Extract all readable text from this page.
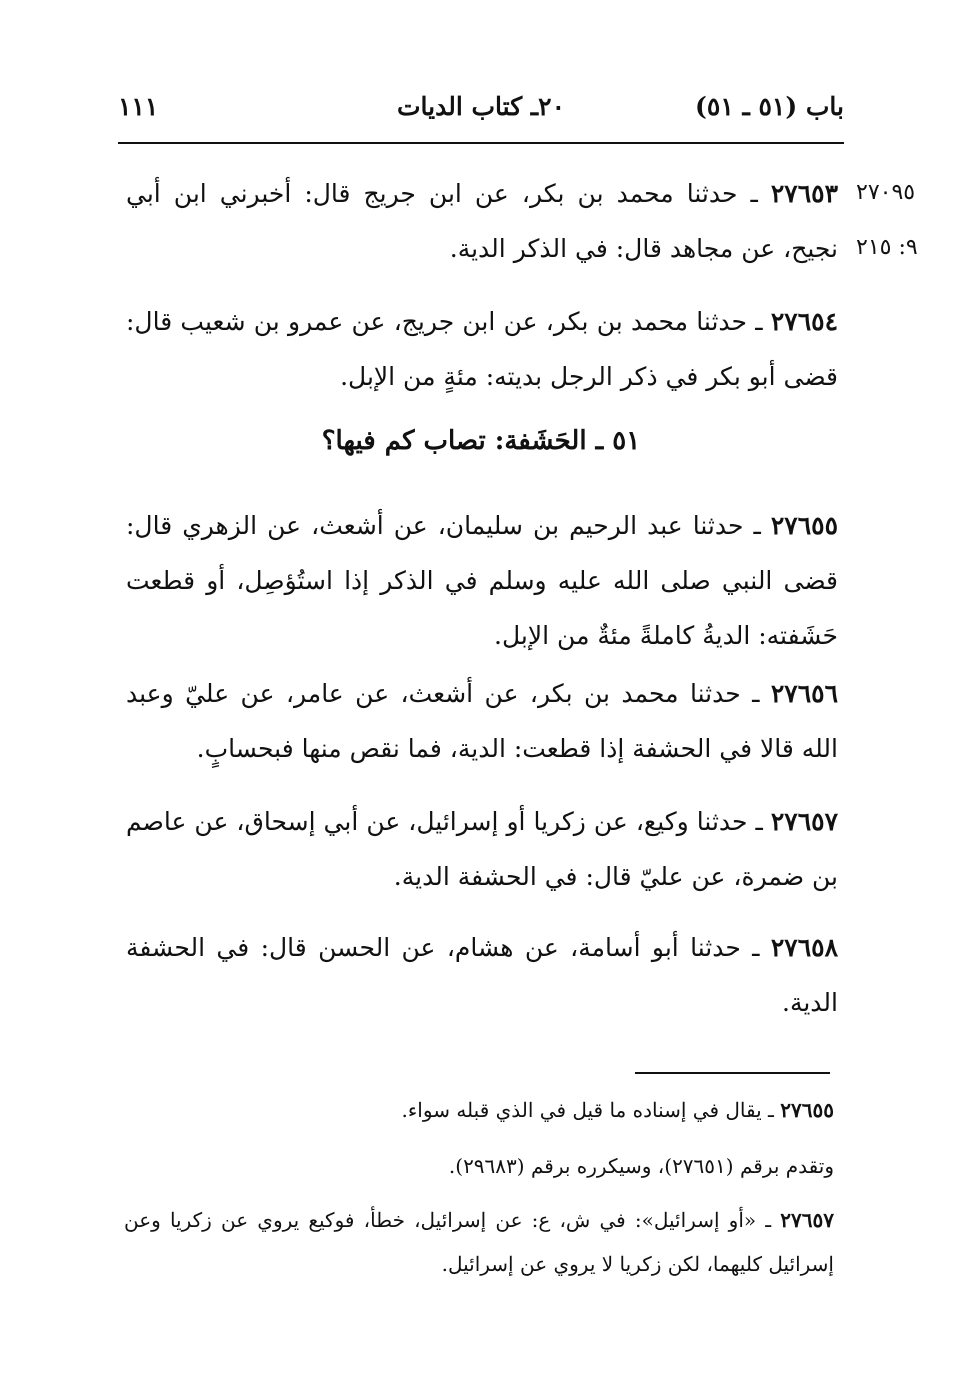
باب (٥١ ـ ٥١)
٢٠ـ كتاب الديات
١١١
٢٧٠٩٥
٩: ٢١٥
٢٧٦٥٣ ـ حدثنا محمد بن بكر، عن ابن جريج قال: أخبرني ابن أبي نجيح، عن مجاهد قال: في الذكر الدية.
٢٧٦٥٤ ـ حدثنا محمد بن بكر، عن ابن جريج، عن عمرو بن شعيب قال: قضى أبو بكر في ذكر الرجل بديته: مئةٍ من الإبل.
٥١ ـ الحَشَفة: تصاب كم فيها؟
٢٧٦٥٥ ـ حدثنا عبد الرحيم بن سليمان، عن أشعث، عن الزهري قال: قضى النبي صلى الله عليه وسلم في الذكر إذا استُؤصِل، أو قطعت حَشَفته: الديةُ كاملةً مئةٌ من الإبل.
٢٧٦٥٦ ـ حدثنا محمد بن بكر، عن أشعث، عن عامر، عن عليّ وعبد الله قالا في الحشفة إذا قطعت: الدية، فما نقص منها فبحسابٍ.
٢٧٦٥٧ ـ حدثنا وكيع، عن زكريا أو إسرائيل، عن أبي إسحاق، عن عاصم بن ضمرة، عن عليّ قال: في الحشفة الدية.
٢٧٦٥٨ ـ حدثنا أبو أسامة، عن هشام، عن الحسن قال: في الحشفة الدية.
٢٧٦٥٥ ـ يقال في إسناده ما قيل في الذي قبله سواء.
وتقدم برقم (٢٧٦٥١)، وسيكرره برقم (٢٩٦٨٣).
٢٧٦٥٧ ـ «أو إسرائيل»: في ش، ع: عن إسرائيل، خطأ، فوكيع يروي عن زكريا وعن إسرائيل كليهما، لكن زكريا لا يروي عن إسرائيل.
